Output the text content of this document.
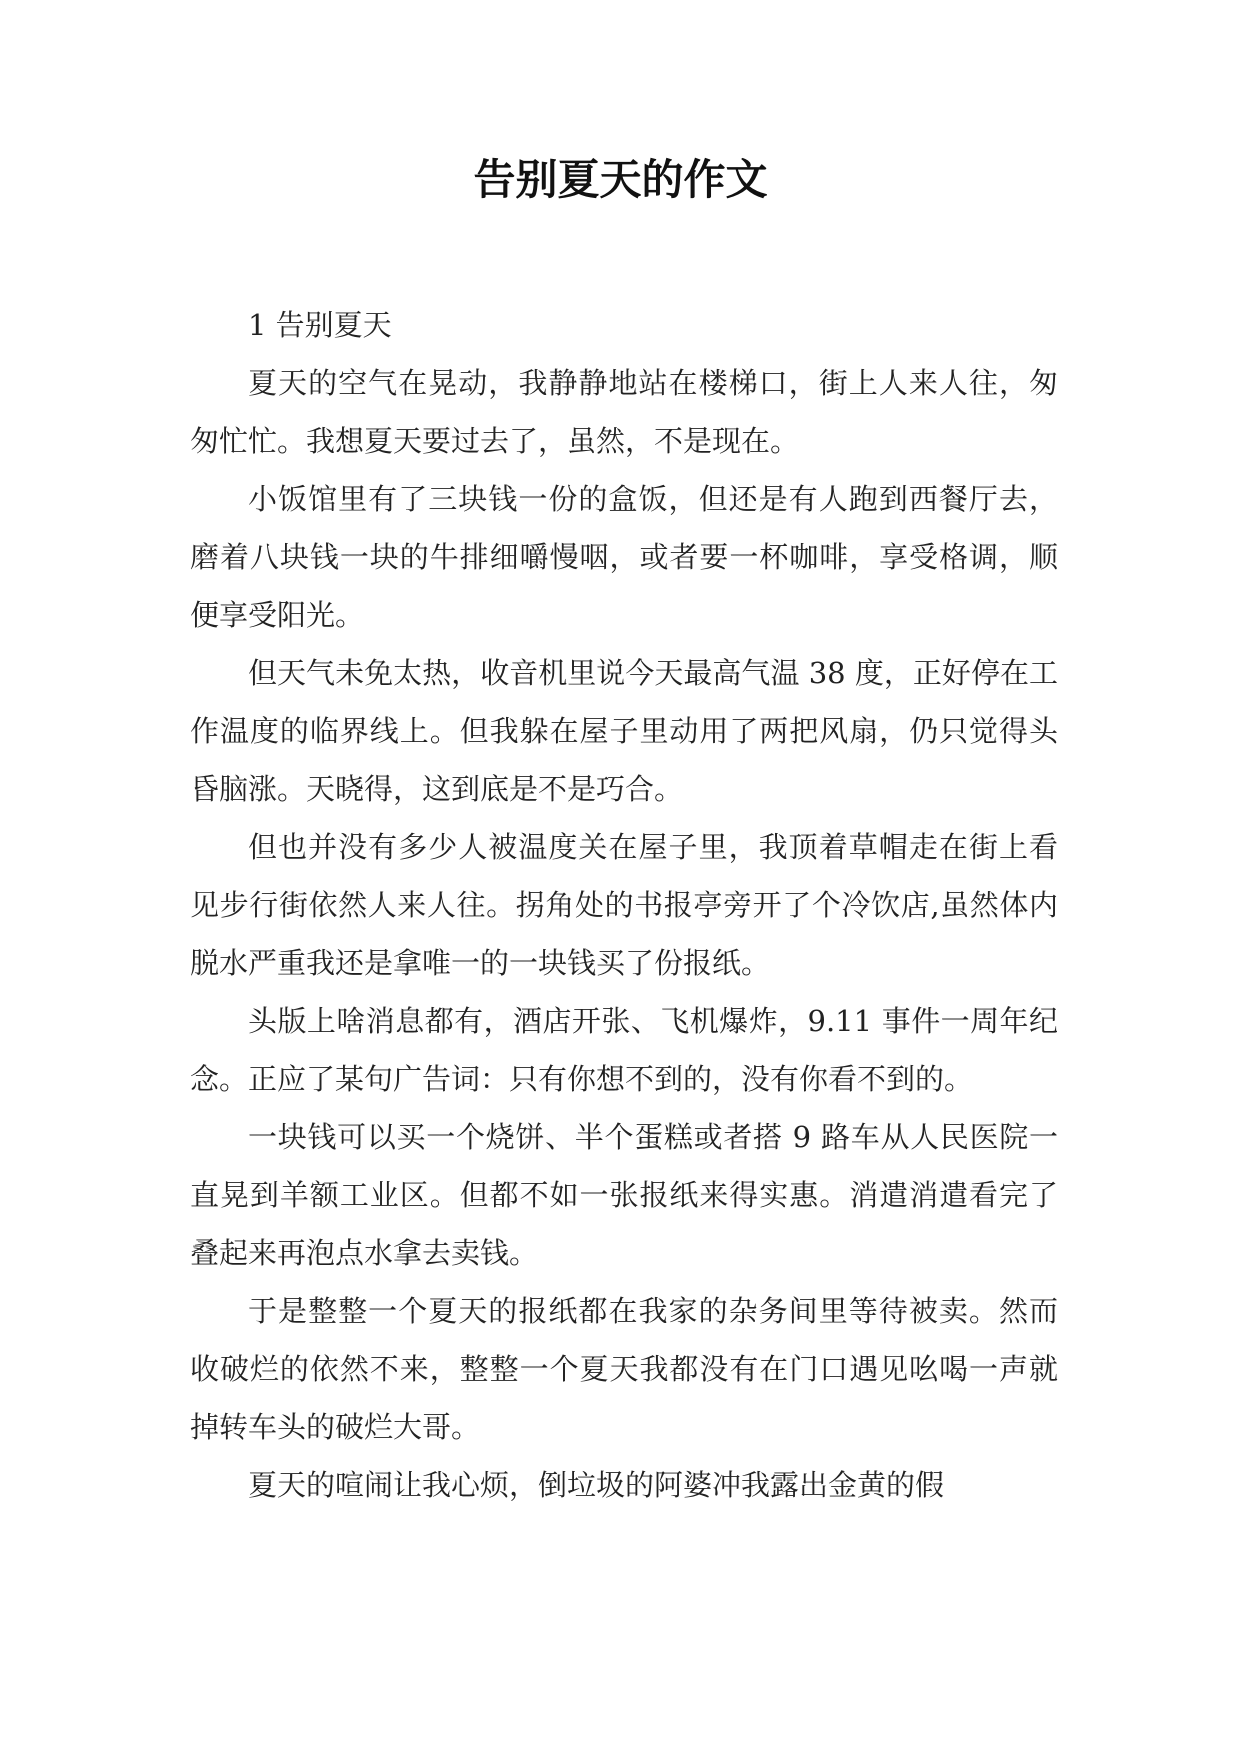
告别夏天的作文

1 告别夏天

夏天的空气在晃动，我静静地站在楼梯口，街上人来人往，匆匆忙忙。我想夏天要过去了，虽然，不是现在。

小饭馆里有了三块钱一份的盒饭，但还是有人跑到西餐厅去，磨着八块钱一块的牛排细嚼慢咽，或者要一杯咖啡，享受格调，顺便享受阳光。

但天气未免太热，收音机里说今天最高气温 38 度，正好停在工作温度的临界线上。但我躲在屋子里动用了两把风扇，仍只觉得头昏脑涨。天晓得，这到底是不是巧合。

但也并没有多少人被温度关在屋子里，我顶着草帽走在街上看见步行街依然人来人往。拐角处的书报亭旁开了个冷饮店,虽然体内脱水严重我还是拿唯一的一块钱买了份报纸。

头版上啥消息都有，酒店开张、飞机爆炸，9.11 事件一周年纪念。正应了某句广告词：只有你想不到的，没有你看不到的。

一块钱可以买一个烧饼、半个蛋糕或者搭 9 路车从人民医院一直晃到羊额工业区。但都不如一张报纸来得实惠。消遣消遣看完了叠起来再泡点水拿去卖钱。

于是整整一个夏天的报纸都在我家的杂务间里等待被卖。然而收破烂的依然不来，整整一个夏天我都没有在门口遇见吆喝一声就掉转车头的破烂大哥。

夏天的喧闹让我心烦，倒垃圾的阿婆冲我露出金黄的假
